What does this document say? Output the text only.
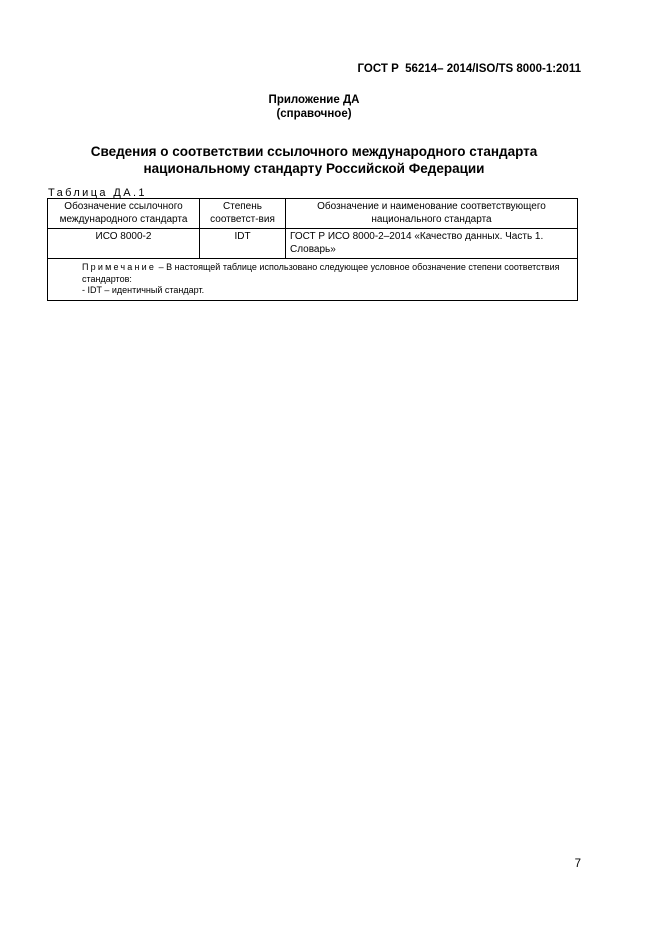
ГОСТ Р  56214– 2014/ISO/TS 8000-1:2011
Приложение ДА
(справочное)
Сведения о соответствии ссылочного международного стандарта
национальному стандарту Российской Федерации
Таблица ДА.1
Обозначение ссылочного международного стандарта	Степень соответст-вия	Обозначение и наименование соответствующего национального стандарта
ИСО 8000-2	IDT	ГОСТ Р ИСО 8000-2–2014 «Качество данных. Часть 1. Словарь»

Примечание – В настоящей таблице использовано следующее условное обозначение степени соответствия стандартов:
- IDT – идентичный стандарт.		
7
